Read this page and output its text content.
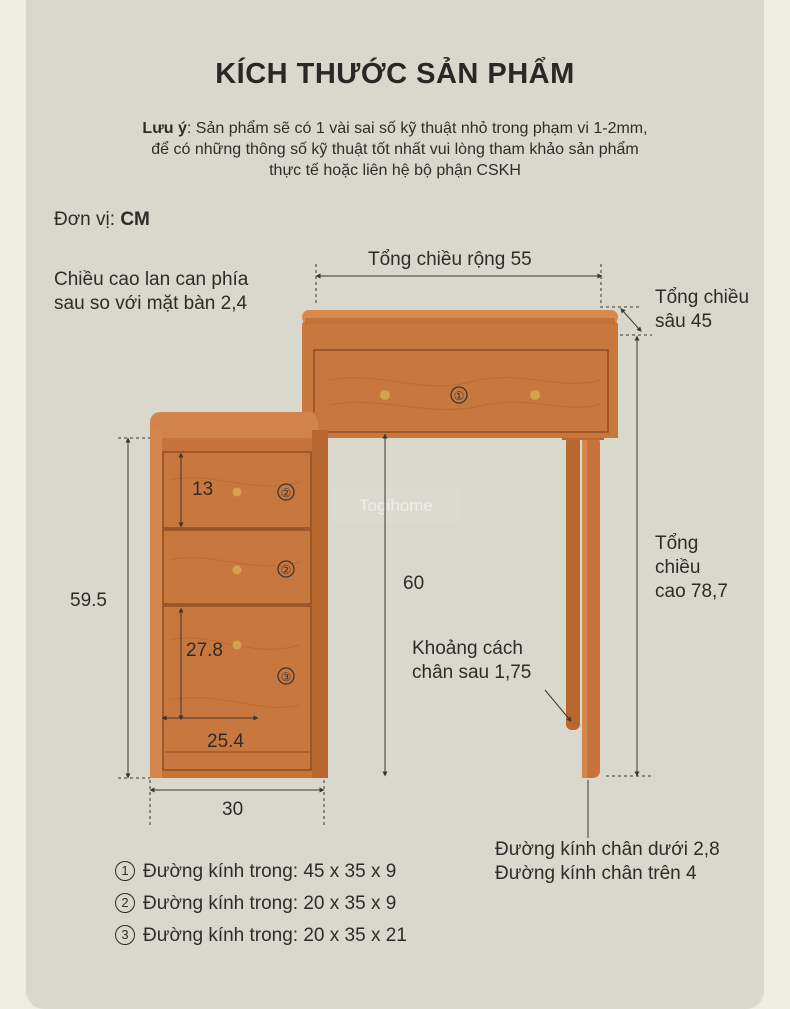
KÍCH THƯỚC SẢN PHẨM
Lưu ý: Sản phẩm sẽ có 1 vài sai số kỹ thuật nhỏ trong phạm vi 1-2mm,
để có những thông số kỹ thuật tốt nhất vui lòng tham khảo sản phẩm
thực tế hoặc liên hệ bộ phận CSKH
Đơn vị: CM
①
②
②
③
Togihome
Chiều cao lan can phía
sau so với mặt bàn 2,4
Tổng chiều rộng 55
Tổng chiều
sâu 45
Tổng
chiều
cao 78,7
Khoảng cách
chân sau 1,75
Đường kính chân dưới 2,8
Đường kính chân trên 4
59.5
60
13
27.8
25.4
30
1 Đường kính trong: 45 x 35 x 9
2 Đường kính trong: 20 x 35 x 9
3 Đường kính trong: 20 x 35 x 21
